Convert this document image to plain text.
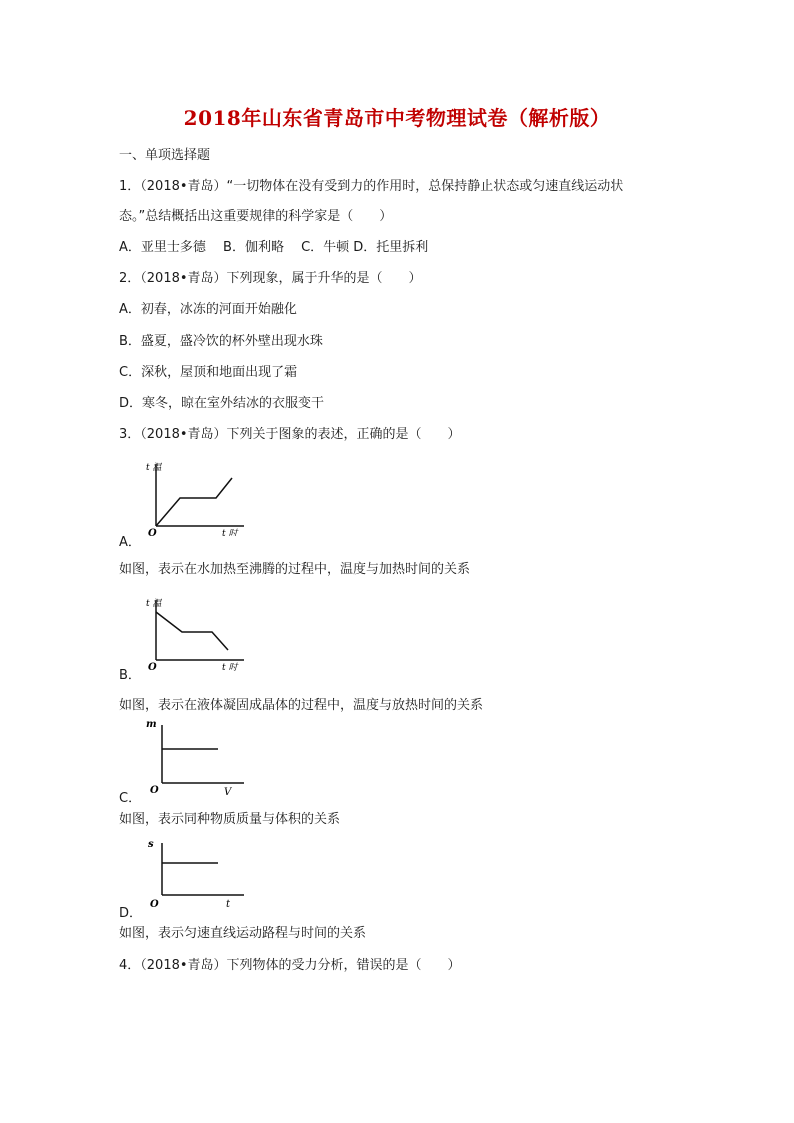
2018年山东省青岛市中考物理试卷（解析版）
一、单项选择题
1．（2018•青岛）“一切物体在没有受到力的作用时，总保持静止状态或匀速直线运动状
态。”总结概括出这重要规律的科学家是（　　）
A．亚里士多德　 B．伽利略　 C．牛顿 D．托里拆利
2．（2018•青岛）下列现象，属于升华的是（　　）
A．初春，冰冻的河面开始融化
B．盛夏，盛冷饮的杯外壁出现水珠
C．深秋，屋顶和地面出现了霜
D．寒冬，晾在室外结冰的衣服变干
3．（2018•青岛）下列关于图象的表述，正确的是（　　）
t 温
O	t 时
A．
如图，表示在水加热至沸腾的过程中，温度与加热时间的关系
t 温
O	t 时
B．
如图，表示在液体凝固成晶体的过程中，温度与放热时间的关系
m
O	V
C．
如图，表示同种物质质量与体积的关系
s
O	t
D．
如图，表示匀速直线运动路程与时间的关系
4．（2018•青岛）下列物体的受力分析，错误的是（　　）
